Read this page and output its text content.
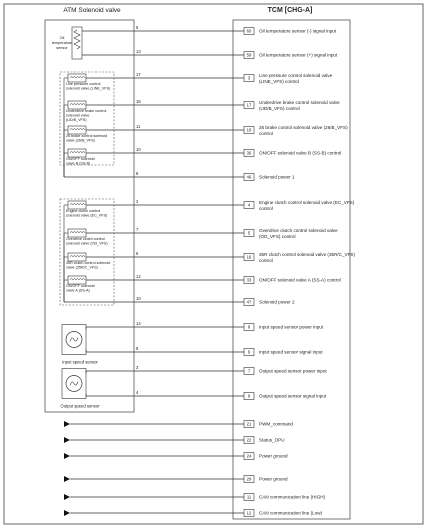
ATM Solenoid valve	TCM [CHG-A]
5
60
13
59
17
3
16
17
11
18
10
36
8
46
2
4
7
5
6
16
12
33
10
47
14
8
8
6
3
7
4
9
21
22
24
29
11
12
Oil
temperature
sensor
Line pressure control
solenoid valve (LINE_VFS)
Underdrive brake control
solenoid valve
(UD/B_VFS)
26 brake control solenoid
valve (26/B_VFS)
ON/OFF solenoid
valve B (SS-B)
Engine clutch control
solenoid valve (EC_VFS)
Overdrive clutch control
solenoid valve (OD_VFS)
35R clutch control solenoid
valve (35R/C_VFS)
ON/OFF solenoid
valve A (SS-A)
Input speed sensor
Output speed sensor
Oil temperature sensor (-) signal input
Oil temperature sensor (+) signal input
Line pressure control solenoid valve (LINE_VFS) control
Underdrive brake control solenoid valve (UD/B_VFS) control
26 brake control solenoid valve (26/B_VFS) control
ON/OFF solenoid valve B (SS-B) control
Solenoid power 1
Engine clutch control solenoid valve (EC_VFS) control
Overdrive clutch control solenoid valve (OD_VFS) control
35R clutch control solenoid valve (35R/C_VFS) control
ON/OFF solenoid valve A (SS-A) control
Solenoid power 2
Input speed sensor power input
Input speed sensor signal input
Output speed sensor power input
Output speed sensor signal input
PWM_command
Status_OPU
Power ground
Power ground
CAN communication line (HIGH)
CAN communication line (Low)
